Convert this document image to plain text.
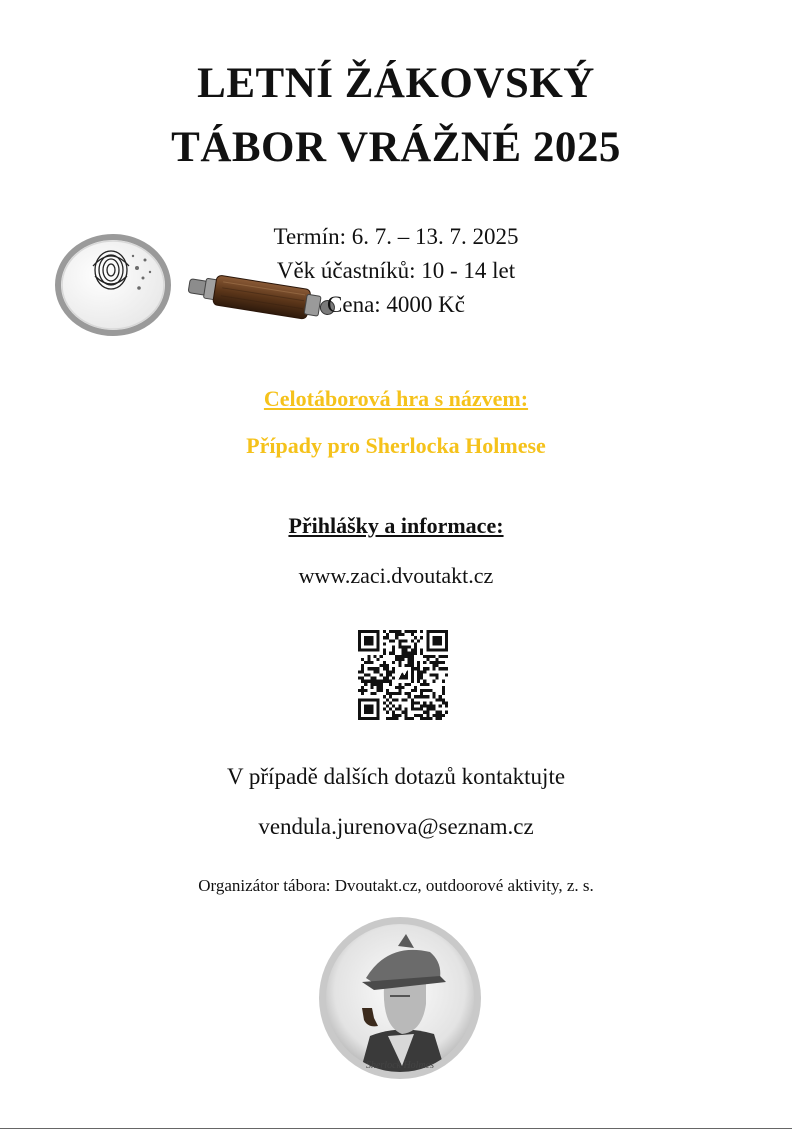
LETNÍ ŽÁKOVSKÝ
TÁBOR VRÁŽNÉ 2025
Termín: 6. 7. – 13. 7. 2025
Věk účastníků: 10 - 14 let
Cena: 4000 Kč
Celotáborová hra s názvem:
Případy pro Sherlocka Holmese
Přihlášky a informace:
www.zaci.dvoutakt.cz
V případě dalších dotazů kontaktujte
vendula.jurenova@seznam.cz
Organizátor tábora: Dvoutakt.cz, outdoorové aktivity, z. s.
Sherlock Holmes
